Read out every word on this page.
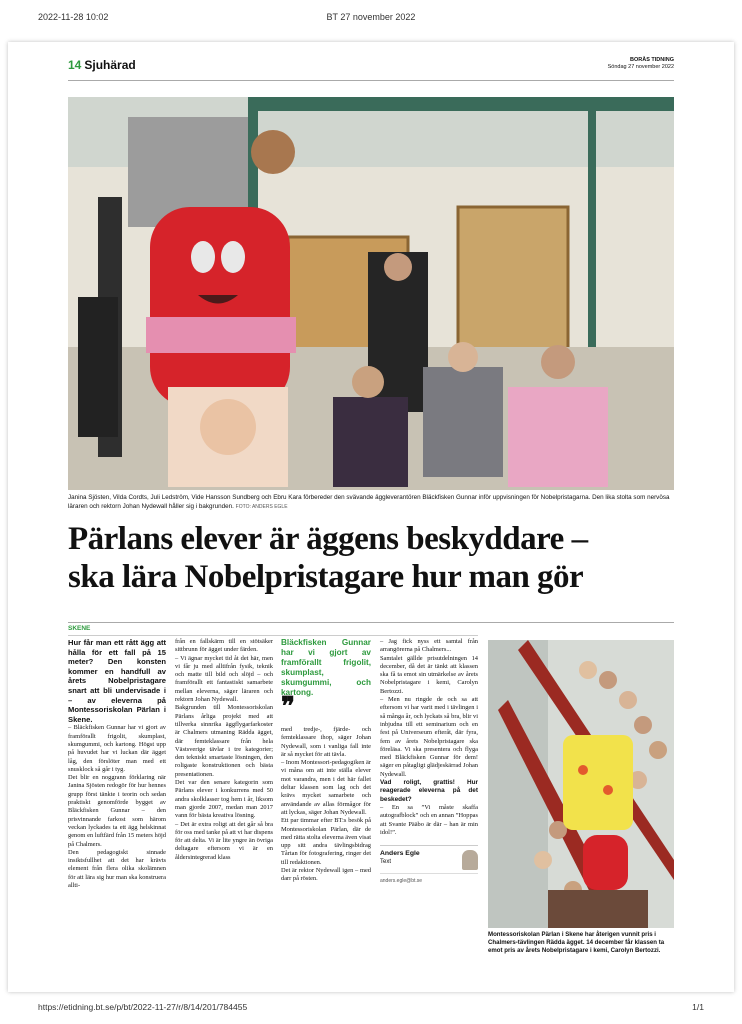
2022-11-28 10:02	BT 27 november 2022
14 Sjuhärad	BORÅS TIDNING
Söndag 27 november 2022
Janina Sjösten, Vilda Cordts, Juli Ledström, Vide Hansson Sundberg och Ebru Kara förbereder den svävande äggleverantören Bläckfisken Gunnar inför uppvisningen för Nobelpristagarna. Den lika stolta som nervösa läraren och rektorn Johan Nydewall håller sig i bakgrunden. FOTO: ANDERS EGLE
Pärlans elever är äggens beskyddare –
ska lära Nobelpristagare hur man gör
SKENE

Hur får man ett rått ägg att hålla för ett fall på 15 meter? Den konsten kommer en handfull av årets Nobelpristagare snart att bli undervisade i – av eleverna på Montessoriskolan Pärlan i Skene.

– Bläckfisken Gunnar har vi gjort av framförallt frigolit, skumplast, skumgummi, och kartong. Högst upp på huvudet har vi luckan där ägget låg, den förslöter man med ett snusklock så går i tyg.

Det blir en noggrann förklaring när Janina Sjösten redogör för hur hennes grupp först tänkte i teorin och sedan praktiskt genomförde bygget av Bläckfisken Gunnar – den prisvinnande farkost som härom veckan lyckades ta ett ägg helskinnat genom en luftfärd från 15 meters höjd på Chalmers.

Den pedagogiskt sinnade insiktsfullhet att det har krävts element från flera olika skolämnen för att lära sig hur man ska konstruera allti-

från en fallskärm till en stötsäker sittbrunn för ägget under färden.

– Vi ägnar mycket tid åt det här, men vi får ju med alltifrån fysik, teknik och matte till bild och slöjd – och framförallt ett fantastiskt samarbete mellan eleverna, säger läraren och rektorn Johan Nydewall.

Bakgrunden till Montessoriskolan Pärlans årliga projekt med att tillverka sinnrika äggflygarfarkoster är Chalmers utmaning Rädda ägget, där femteklassare från hela Västsverige tävlar i tre kategorier; den tekniskt smartaste lösningen, den roligaste konstruktionen och bästa presentationen.

Det var den senare kategorin som Pärlans elever i konkurrens med 50 andra skolklasser tog hem i år, liksom man gjorde 2007, medan man 2017 vann för bästa kreativa lösning.

– Det är extra roligt att det går så bra för oss med tanke på att vi har dispens för att delta. Vi är lite yngre än övriga deltagare eftersom vi är en åldersintegrerad klass

Bläckfisken Gunnar har vi gjort av framförallt frigolit, skumplast, skumgummi, och kartong.

❞

med tredje-, fjärde- och femteklassare ihop, säger Johan Nydewall, som i vanliga fall inte är så mycket för att tävla.

– Inom Montessori-pedagogiken är vi måna om att inte ställa elever mot varandra, men i det här fallet deltar klassen som lag och det krävs mycket samarbete och användande av allas förmågor för att lyckas, säger Johan Nydewall.

Ett par timmar efter BT:s besök på Montessoriskolan Pärlan, där de med rätta stolta eleverna även visat upp sitt andra tävlingsbidrag Tårtan för fotografering, ringer det till redaktionen.

Det är rektor Nydewall igen – med darr på rösten.

– Jag fick nyss ett samtal från arrangörerna på Chalmers...

Samtalet gällde prisutdelningen 14 december, då det är tänkt att klassen ska få ta emot sin utmärkelse av årets Nobelpristagare i kemi, Carolyn Bertozzi.

– Men nu ringde de och sa att eftersom vi har varit med i tävlingen i så många år, och lyckats så bra, blir vi inbjudna till ett seminarium och en fest på Universeum efteråt, där fyra, fem av årets Nobelpristagare ska föreläsa. Vi ska presentera och flyga med Bläckfisken Gunnar för dem! säger en påtagligt glädjeskärrad Johan Nydewall.

Vad roligt, grattis! Hur reagerade eleverna på det beskedet?

– En sa ”Vi måste skaffa autografblock” och en annan ”Hoppas att Svante Pääbo är där – han är min idol!”.

Anders Egle
Text
anders.egle@bt.se
Montessoriskolan Pärlan i Skene har återigen vunnit pris i Chalmers-tävlingen Rädda ägget. 14 december får klassen ta emot pris av årets Nobelpristagare i kemi, Carolyn Bertozzi.
https://etidning.bt.se/p/bt/2022-11-27/r/8/14/201/784455	1/1
